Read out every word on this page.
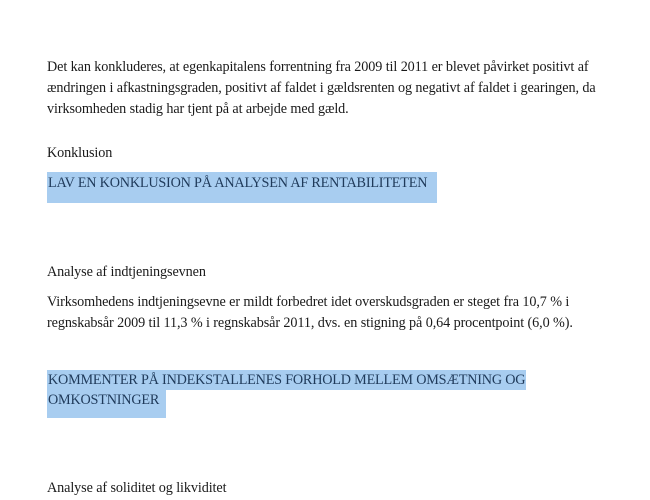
Det kan konkluderes, at egenkapitalens forrentning fra 2009 til 2011 er blevet påvirket positivt af
ændringen i afkastningsgraden, positivt af faldet i gældsrenten og negativt af faldet i gearingen, da
virksomheden stadig har tjent på at arbejde med gæld.
Konklusion
LAV EN KONKLUSION PÅ ANALYSEN AF RENTABILITETEN
Analyse af indtjeningsevnen
Virksomhedens indtjeningsevne er mildt forbedret idet overskudsgraden er steget fra 10,7 % i
regnskabsår 2009 til 11,3 % i regnskabsår 2011, dvs. en stigning på 0,64 procentpoint (6,0 %).
KOMMENTER PÅ INDEKSTALLENES FORHOLD MELLEM OMSÆTNING OG
OMKOSTNINGER
Analyse af soliditet og likviditet
